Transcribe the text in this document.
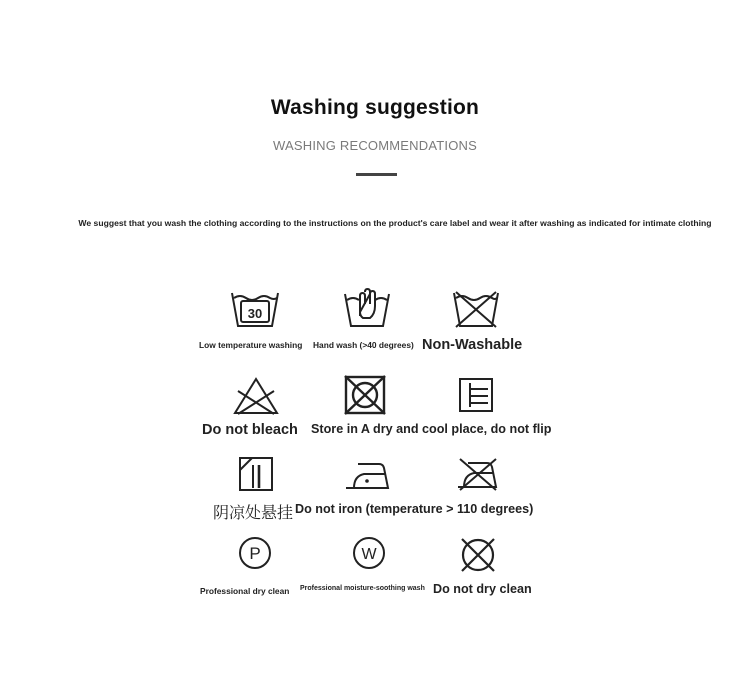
Washing suggestion
WASHING RECOMMENDATIONS
We suggest that you wash the clothing according to the instructions on the product's care label and wear it after washing as indicated for intimate clothing
30
Low temperature washing Hand wash (>40 degrees) Non-Washable
Do not bleach Store in A dry and cool place, do not flip
阴凉处悬挂 Do not iron (temperature > 110 degrees)
P	W
Professional dry clean Professional moisture-soothing wash Do not dry clean
